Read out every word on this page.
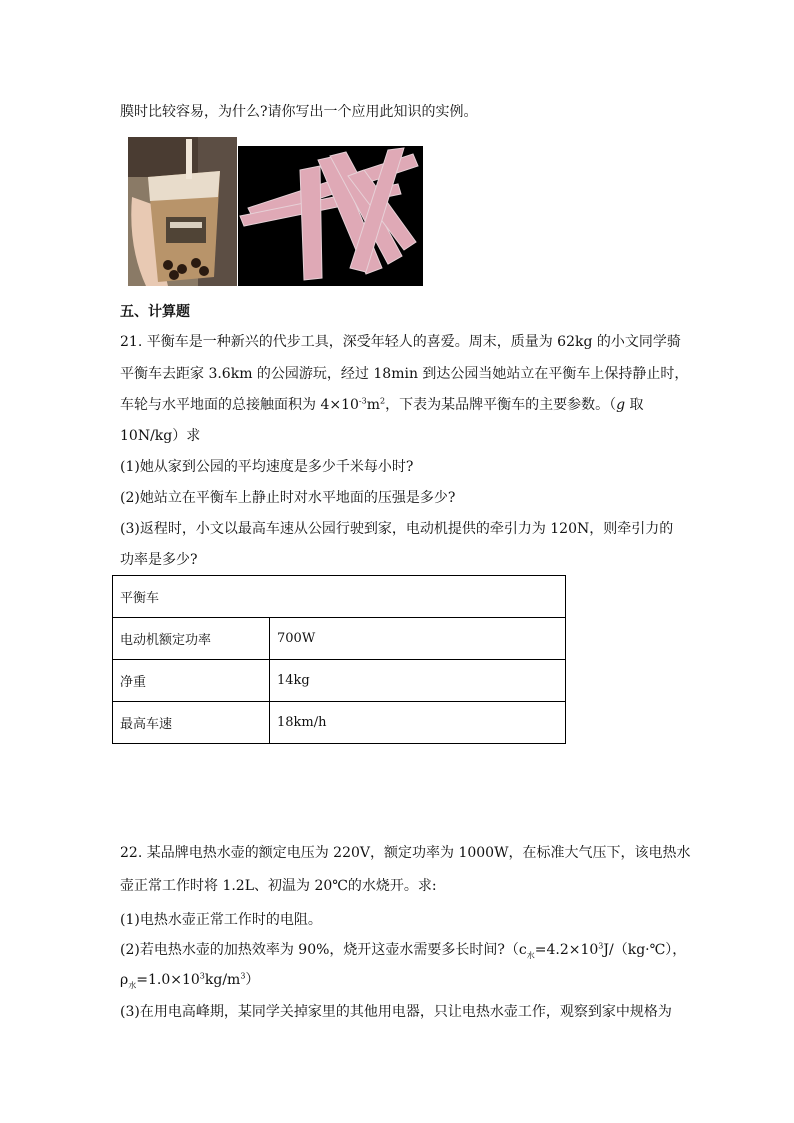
膜时比较容易，为什么?请你写出一个应用此知识的实例。
五、计算题
21. 平衡车是一种新兴的代步工具，深受年轻人的喜爱。周末，质量为 62kg 的小文同学骑
平衡车去距家 3.6km 的公园游玩，经过 18min 到达公园当她站立在平衡车上保持静止时，
车轮与水平地面的总接触面积为 $4\times 10^{-3}m^2$，下表为某品牌平衡车的主要参数。（g 取
10N/kg）求
(1)她从家到公园的平均速度是多少千米每小时?
(2)她站立在平衡车上静止时对水平地面的压强是多少?
(3)返程时，小文以最高车速从公园行驶到家，电动机提供的牵引力为 120N，则牵引力的
功率是多少?
平衡车	
电动机额定功率	700W
净重	14kg
最高车速	18km/h
22. 某品牌电热水壶的额定电压为 220V，额定功率为 1000W，在标准大气压下，该电热水
壶正常工作时将 1.2L、初温为 20℃的水烧开。求:
(1)电热水壶正常工作时的电阻。
(2)若电热水壶的加热效率为 90%，烧开这壶水需要多长时间$?(c_水=4.2\times 10^3J/(kg\cdot℃)$，
$\rho_水=1.0\times 10^3kg/m^3$）
(3)在用电高峰期，某同学关掉家里的其他用电器，只让电热水壶工作，观察到家中规格为
